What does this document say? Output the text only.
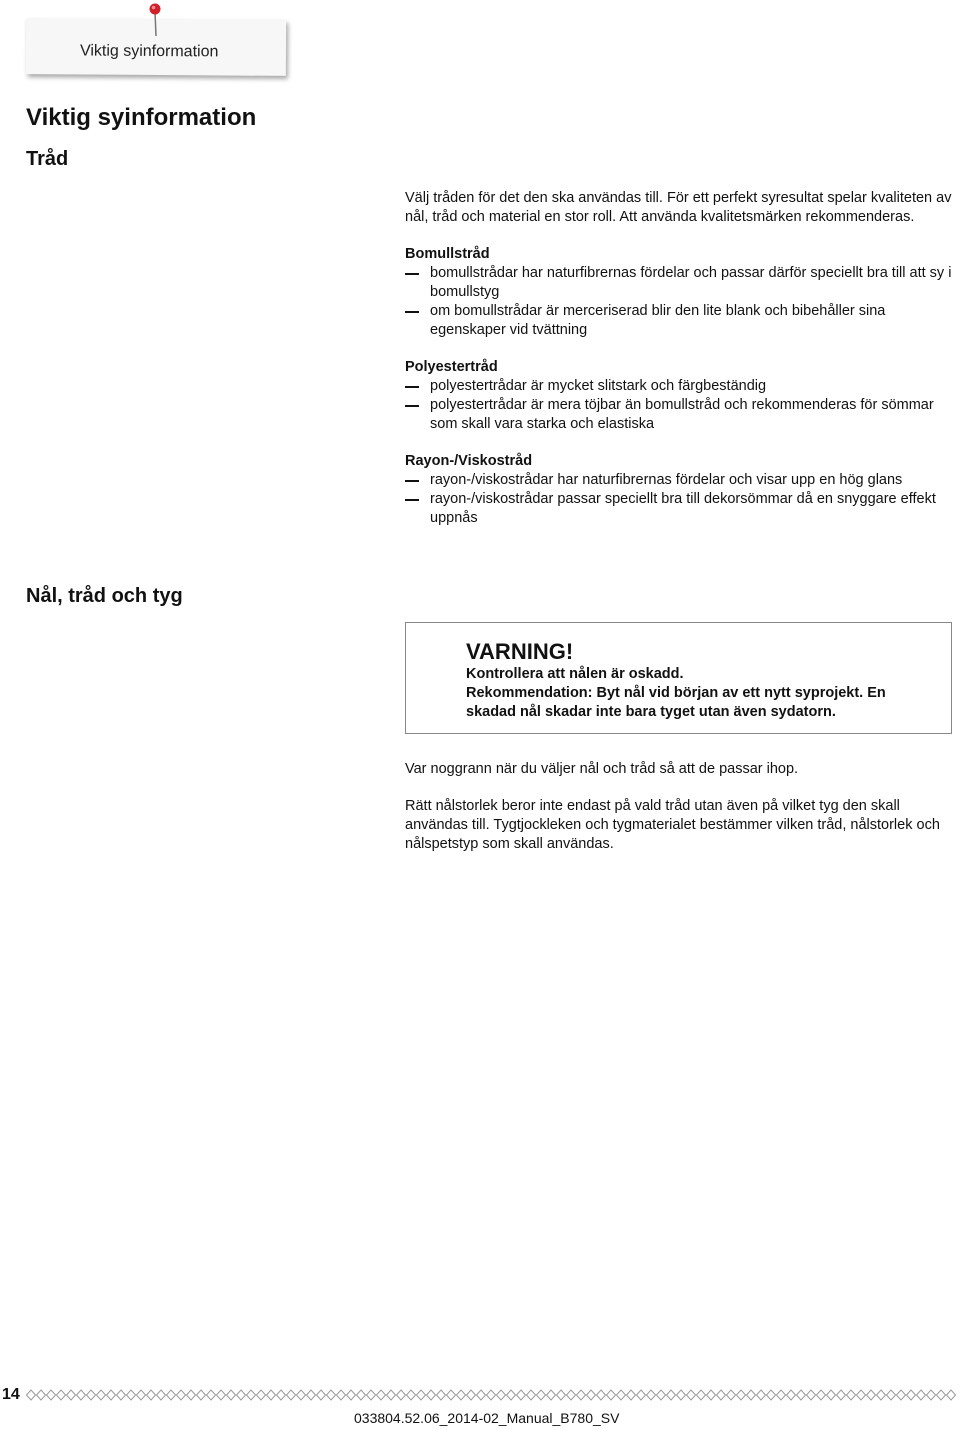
Viktig syinformation
Viktig syinformation
Tråd

Välj tråden för det den ska användas till. För ett perfekt syresultat spelar kvaliteten av nål, tråd och material en stor roll. Att använda kvalitetsmärken rekommenderas.

Bomullstråd

bomullstrådar har naturfibrernas fördelar och passar därför speciellt bra till att sy i bomullstyg
om bomullstrådar är merceriserad blir den lite blank och bibehåller sina egenskaper vid tvättning

Polyestertråd

polyestertrådar är mycket slitstark och färgbeständig
polyestertrådar är mera töjbar än bomullstråd och rekommenderas för sömmar som skall vara starka och elastiska

Rayon-/Viskostråd

rayon-/viskostrådar har naturfibrernas fördelar och visar upp en hög glans
rayon-/viskostrådar passar speciellt bra till dekorsömmar då en snyggare effekt uppnås
Nål, tråd och tyg

VARNING!

Kontrollera att nålen är oskadd.

Rekommendation: Byt nål vid början av ett nytt syprojekt. En skadad nål skadar inte bara tyget utan även sydatorn.

Var noggrann när du väljer nål och tråd så att de passar ihop.

Rätt nålstorlek beror inte endast på vald tråd utan även på vilket tyg den skall användas till. Tygtjockleken och tygmaterialet bestämmer vilken tråd, nålstorlek och nålspetstyp som skall användas.

14
033804.52.06_2014-02_Manual_B780_SV
